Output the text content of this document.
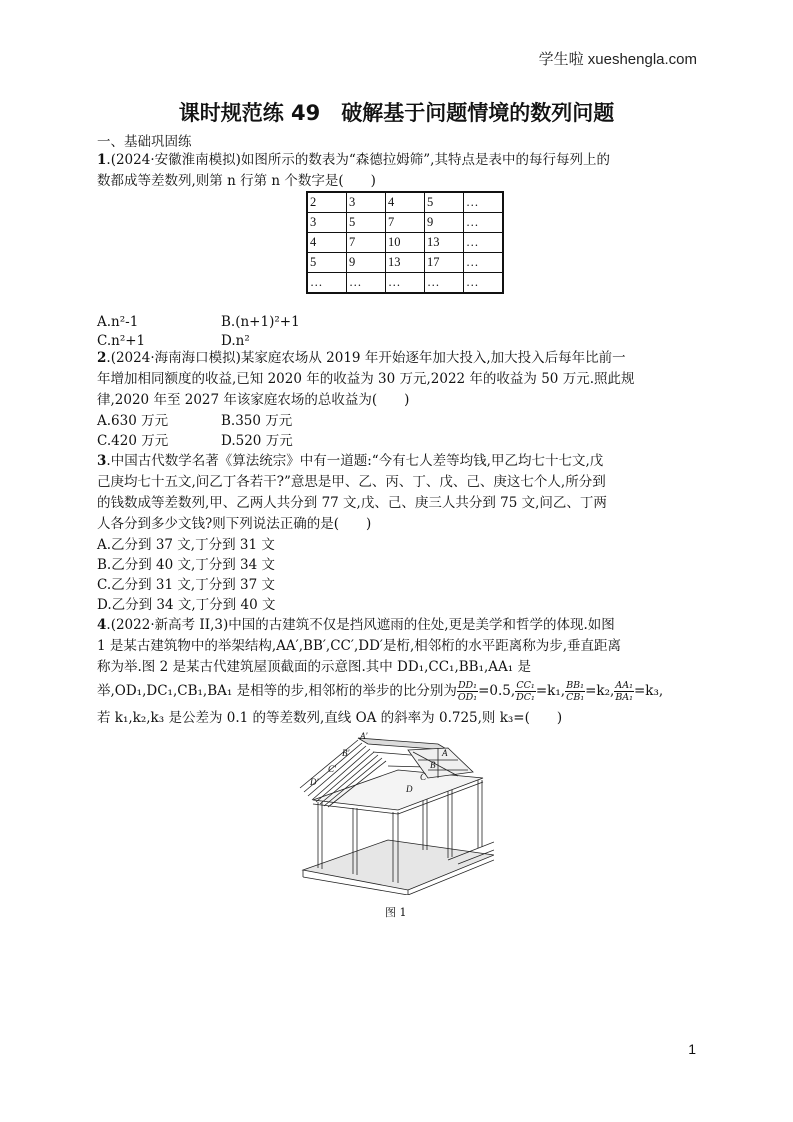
学生啦 xueshengla.com
课时规范练 49　破解基于问题情境的数列问题
一、基础巩固练
1.(2024·安徽淮南模拟)如图所示的数表为“森德拉姆筛”,其特点是表中的每行每列上的
数都成等差数列,则第 n 行第 n 个数字是(　　)
2	3	4	5	…
3	5	7	9	…
4	7	10	13	…
5	9	13	17	…
…	…	…	…	…
A.n²-1	B.(n+1)²+1
C.n²+1	D.n²
2.(2024·海南海口模拟)某家庭农场从 2019 年开始逐年加大投入,加大投入后每年比前一
年增加相同额度的收益,已知 2020 年的收益为 30 万元,2022 年的收益为 50 万元.照此规
律,2020 年至 2027 年该家庭农场的总收益为(　　)
A.630 万元	B.350 万元
C.420 万元	D.520 万元
3.中国古代数学名著《算法统宗》中有一道题:“今有七人差等均钱,甲乙均七十七文,戊
己庚均七十五文,问乙丁各若干?”意思是甲、乙、丙、丁、戊、己、庚这七个人,所分到
的钱数成等差数列,甲、乙两人共分到 77 文,戊、己、庚三人共分到 75 文,问乙、丁两
人各分到多少文钱?则下列说法正确的是(　　)
A.乙分到 37 文,丁分到 31 文
B.乙分到 40 文,丁分到 34 文
C.乙分到 31 文,丁分到 37 文
D.乙分到 34 文,丁分到 40 文
4.(2022·新高考 II,3)中国的古建筑不仅是挡风遮雨的住处,更是美学和哲学的体现.如图
1 是某古建筑物中的举架结构,AA′,BB′,CC′,DD′是桁,相邻桁的水平距离称为步,垂直距离
称为举.图 2 是某古代建筑屋顶截面的示意图.其中 DD₁,CC₁,BB₁,AA₁ 是
举,OD₁,DC₁,CB₁,BA₁ 是相等的步,相邻桁的举步的比分别为 $\frac{\text{DD₁}}{\text{OD₁}} =0.5$, $\frac{\text{CC₁}}{\text{DC₁}} =k_1$, $\frac{\text{BB₁}}{\text{CB₁}} =k_2$, $\frac{\text{AA₁}}{\text{BA₁}} =k_3$,
若 k₁,k₂,k₃ 是公差为 0.1 的等差数列,直线 OA 的斜率为 0.725,则 k₃=(　　)
A′
B′
C′
D′
A
B
C
D
图 1
1
